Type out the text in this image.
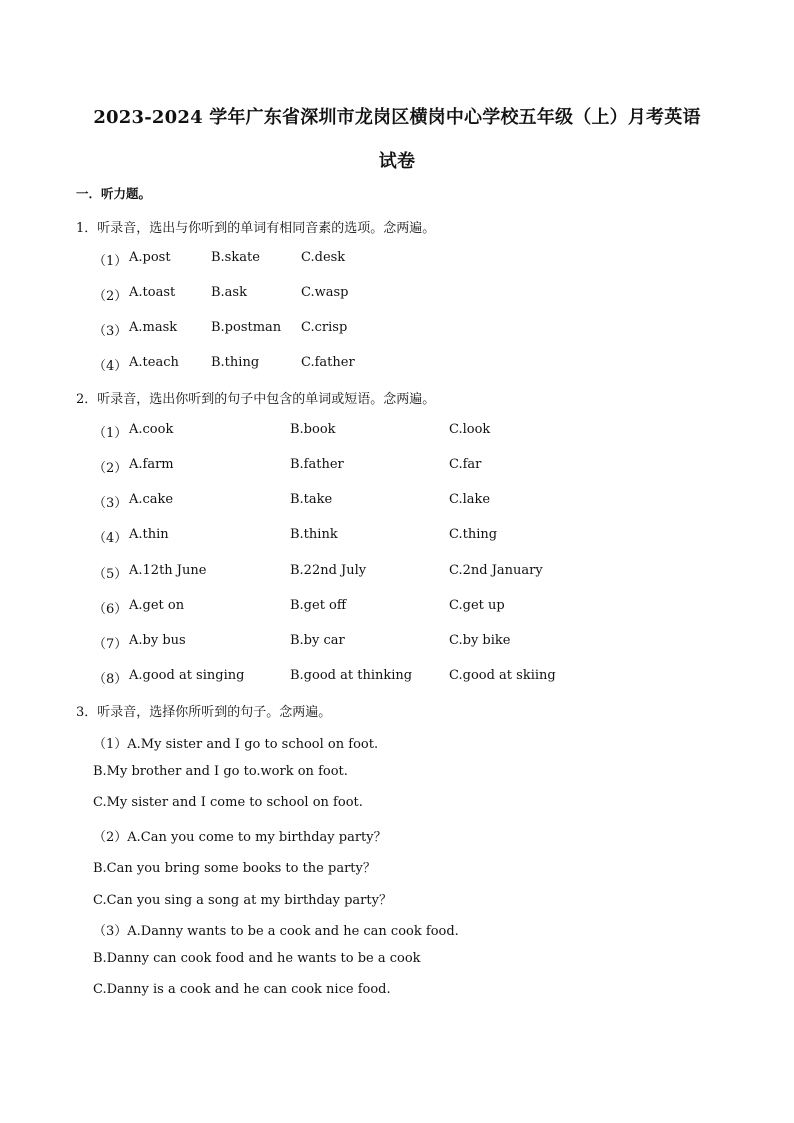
2023-2024 学年广东省深圳市龙岗区横岗中心学校五年级（上）月考英语
试卷
一．听力题。
1．听录音，选出与你听到的单词有相同音素的选项。念两遍。
（1） A.post	B.skate	C.desk
（2） A.toast	B.ask	C.wasp
（3） A.mask	B.postman C.crisp
（4） A.teach B.thing	C.father
2．听录音，选出你听到的句子中包含的单词或短语。念两遍。
（1） A.cook	B.book	C.look
（2） A.farm	B.father	C.far
（3） A.cake	B.take	C.lake
（4） A.thin	B.think	C.thing
（5） A.12th June	B.22nd July	C.2nd January
（6） A.get on	B.get off	C.get up
（7） A.by bus	B.by car	C.by bike
（8） A.good at singing	B.good at thinking	C.good at skiing
3．听录音，选择你所听到的句子。念两遍。
（1）A.My sister and I go to school on foot.
B.My brother and I go to.work on foot.
C.My sister and I come to school on foot.
（2）A.Can you come to my birthday party？
B.Can you bring some books to the party？
C.Can you sing a song at my birthday party？
（3）A.Danny wants to be a cook and he can cook food.
B.Danny can cook food and he wants to be a cook
C.Danny is a cook and he can cook nice food.
